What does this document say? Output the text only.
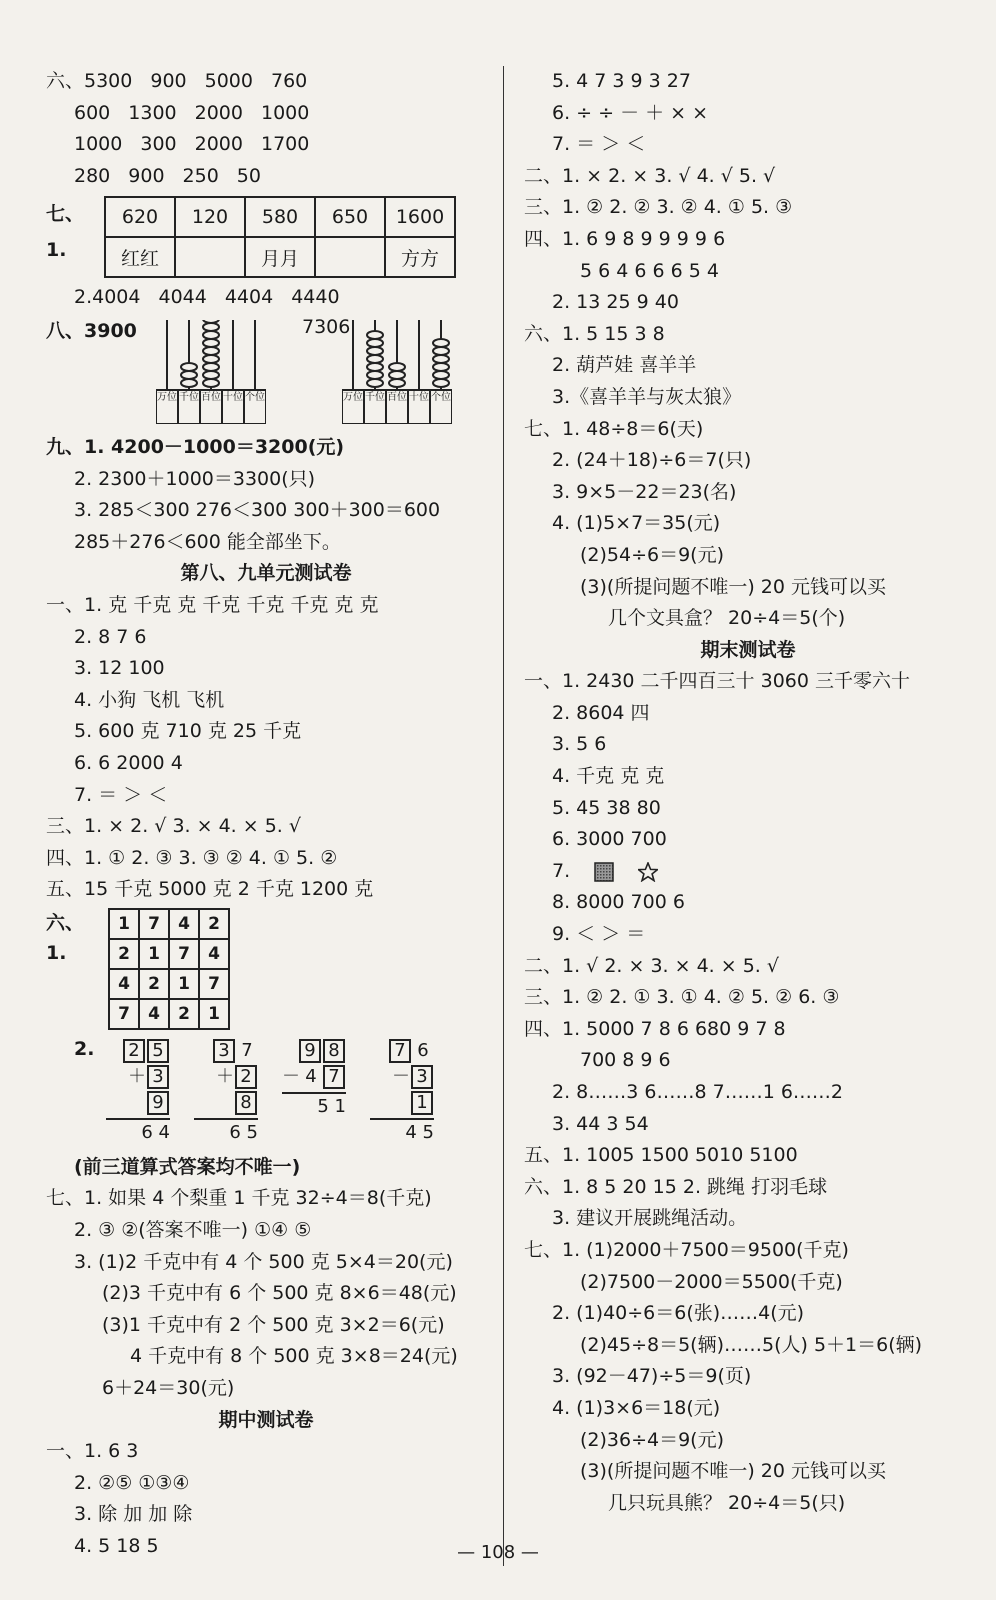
六、5300 900 5000 760
600 1300 2000 1000
1000 300 2000 1700
280 900 250 50
七、1.
620	120	580	650	1600
红红		月月		方方
2.4004 4044 4404 4440
八、3900	7306
万位 千位 百位 十位 个位	万位 千位 百位 十位 个位
九、1. 4200－1000＝3200(元)
2. 2300＋1000＝3300(只)
3. 285＜300 276＜300 300＋300＝600
285＋276＜600 能全部坐下。
第八、九单元测试卷
一、1. 克 千克 克 千克 千克 千克 克 克
2. 8 7 6
3. 12 100
4. 小狗 飞机 飞机
5. 600 克 710 克 25 千克
6. 6 2000 4
7. ＝ ＞ ＜
三、1. × 2. √ 3. × 4. × 5. √
四、1. ① 2. ③ 3. ③ ② 4. ① 5. ②
五、15 千克 5000 克 2 千克 1200 克
六、1.
1	7	4	2
2	1	7	4
4	2	1	7
7	4	2	1
2.	2 5
＋ 39
6 4
3 7
＋ 28
6 5
9 8
－ 4 7
5 1
7 6
－ 31
4 5
(前三道算式答案均不唯一)
七、1. 如果 4 个梨重 1 千克 32÷4＝8(千克)
2. ③ ②(答案不唯一) ①④ ⑤
3. (1)2 千克中有 4 个 500 克 5×4＝20(元)
(2)3 千克中有 6 个 500 克 8×6＝48(元)
(3)1 千克中有 2 个 500 克 3×2＝6(元)
4 千克中有 8 个 500 克 3×8＝24(元)
6＋24＝30(元)
期中测试卷
一、1. 6 3
2. ②⑤ ①③④
3. 除 加 加 除
4. 5 18 5
5. 4 7 3 9 3 27
6. ÷ ÷ － ＋ × ×
7. ＝ ＞ ＜
二、1. × 2. × 3. √ 4. √ 5. √
三、1. ② 2. ② 3. ② 4. ① 5. ③
四、1. 6 9 8 9 9 9 9 6
5 6 4 6 6 6 5 4
2. 13 25 9 40
六、1. 5 15 3 8
2. 葫芦娃 喜羊羊
3.《喜羊羊与灰太狼》
七、1. 48÷8＝6(天)
2. (24＋18)÷6＝7(只)
3. 9×5－22＝23(名)
4. (1)5×7＝35(元)
(2)54÷6＝9(元)
(3)(所提问题不唯一) 20 元钱可以买
几个文具盒？ 20÷4＝5(个)
期末测试卷
一、1. 2430 二千四百三十 3060 三千零六十
2. 8604 四
3. 5 6
4. 千克 克 克
5. 45 38 80
6. 3000 700
7.
8. 8000 700 6
9. ＜ ＞ ＝
二、1. √ 2. × 3. × 4. × 5. √
三、1. ② 2. ① 3. ① 4. ② 5. ② 6. ③
四、1. 5000 7 8 6 680 9 7 8
700 8 9 6
2. 8……3 6……8 7……1 6……2
3. 44 3 54
五、1. 1005 1500 5010 5100
六、1. 8 5 20 15 2. 跳绳 打羽毛球
3. 建议开展跳绳活动。
七、1. (1)2000＋7500＝9500(千克)
(2)7500－2000＝5500(千克)
2. (1)40÷6＝6(张)……4(元)
(2)45÷8＝5(辆)……5(人) 5＋1＝6(辆)
3. (92－47)÷5＝9(页)
4. (1)3×6＝18(元)
(2)36÷4＝9(元)
(3)(所提问题不唯一) 20 元钱可以买
几只玩具熊？ 20÷4＝5(只)
— 108 —
